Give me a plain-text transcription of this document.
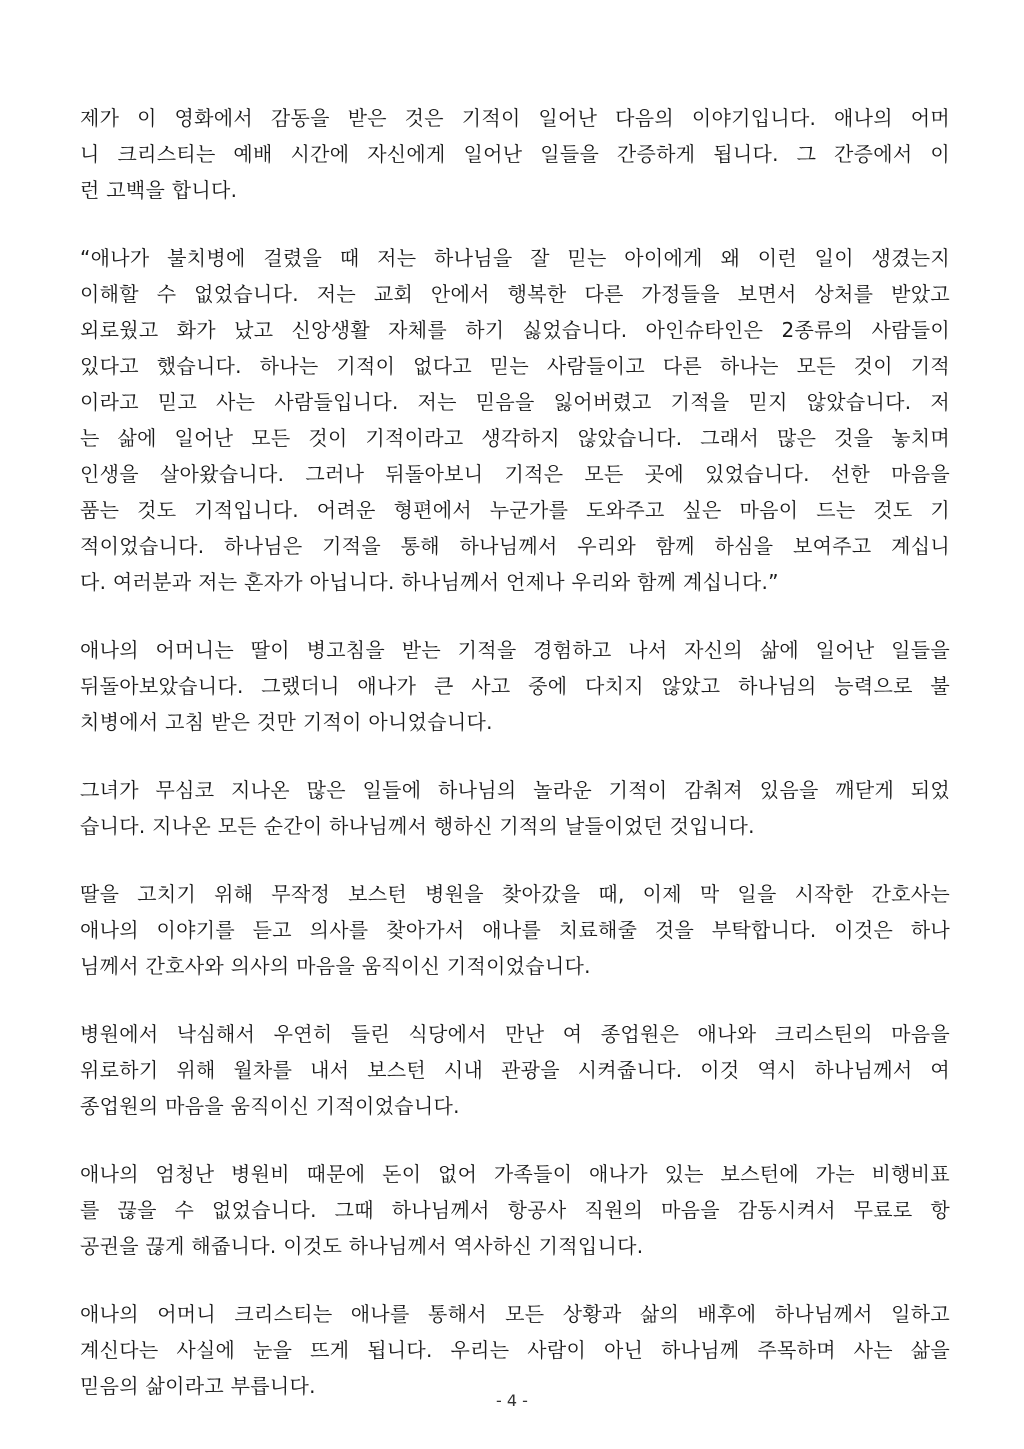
제가 이 영화에서 감동을 받은 것은 기적이 일어난 다음의 이야기입니다. 애나의 어머
니 크리스티는 예배 시간에 자신에게 일어난 일들을 간증하게 됩니다. 그 간증에서 이
런 고백을 합니다.

“애나가 불치병에 걸렸을 때 저는 하나님을 잘 믿는 아이에게 왜 이런 일이 생겼는지
이해할 수 없었습니다. 저는 교회 안에서 행복한 다른 가정들을 보면서 상처를 받았고
외로웠고 화가 났고 신앙생활 자체를 하기 싫었습니다. 아인슈타인은 2종류의 사람들이
있다고 했습니다. 하나는 기적이 없다고 믿는 사람들이고 다른 하나는 모든 것이 기적
이라고 믿고 사는 사람들입니다. 저는 믿음을 잃어버렸고 기적을 믿지 않았습니다. 저
는 삶에 일어난 모든 것이 기적이라고 생각하지 않았습니다. 그래서 많은 것을 놓치며
인생을 살아왔습니다. 그러나 뒤돌아보니 기적은 모든 곳에 있었습니다. 선한 마음을
품는 것도 기적입니다. 어려운 형편에서 누군가를 도와주고 싶은 마음이 드는 것도 기
적이었습니다. 하나님은 기적을 통해 하나님께서 우리와 함께 하심을 보여주고 계십니
다. 여러분과 저는 혼자가 아닙니다. 하나님께서 언제나 우리와 함께 계십니다.”

애나의 어머니는 딸이 병고침을 받는 기적을 경험하고 나서 자신의 삶에 일어난 일들을
뒤돌아보았습니다. 그랬더니 애나가 큰 사고 중에 다치지 않았고 하나님의 능력으로 불
치병에서 고침 받은 것만 기적이 아니었습니다.

그녀가 무심코 지나온 많은 일들에 하나님의 놀라운 기적이 감춰져 있음을 깨닫게 되었
습니다. 지나온 모든 순간이 하나님께서 행하신 기적의 날들이었던 것입니다.

딸을 고치기 위해 무작정 보스턴 병원을 찾아갔을 때, 이제 막 일을 시작한 간호사는
애나의 이야기를 듣고 의사를 찾아가서 애나를 치료해줄 것을 부탁합니다. 이것은 하나
님께서 간호사와 의사의 마음을 움직이신 기적이었습니다.

병원에서 낙심해서 우연히 들린 식당에서 만난 여 종업원은 애나와 크리스틴의 마음을
위로하기 위해 월차를 내서 보스턴 시내 관광을 시켜줍니다. 이것 역시 하나님께서 여
종업원의 마음을 움직이신 기적이었습니다.

애나의 엄청난 병원비 때문에 돈이 없어 가족들이 애나가 있는 보스턴에 가는 비행비표
를 끊을 수 없었습니다. 그때 하나님께서 항공사 직원의 마음을 감동시켜서 무료로 항
공권을 끊게 해줍니다. 이것도 하나님께서 역사하신 기적입니다.

애나의 어머니 크리스티는 애나를 통해서 모든 상황과 삶의 배후에 하나님께서 일하고
계신다는 사실에 눈을 뜨게 됩니다. 우리는 사람이 아닌 하나님께 주목하며 사는 삶을
믿음의 삶이라고 부릅니다.

- 4 -
